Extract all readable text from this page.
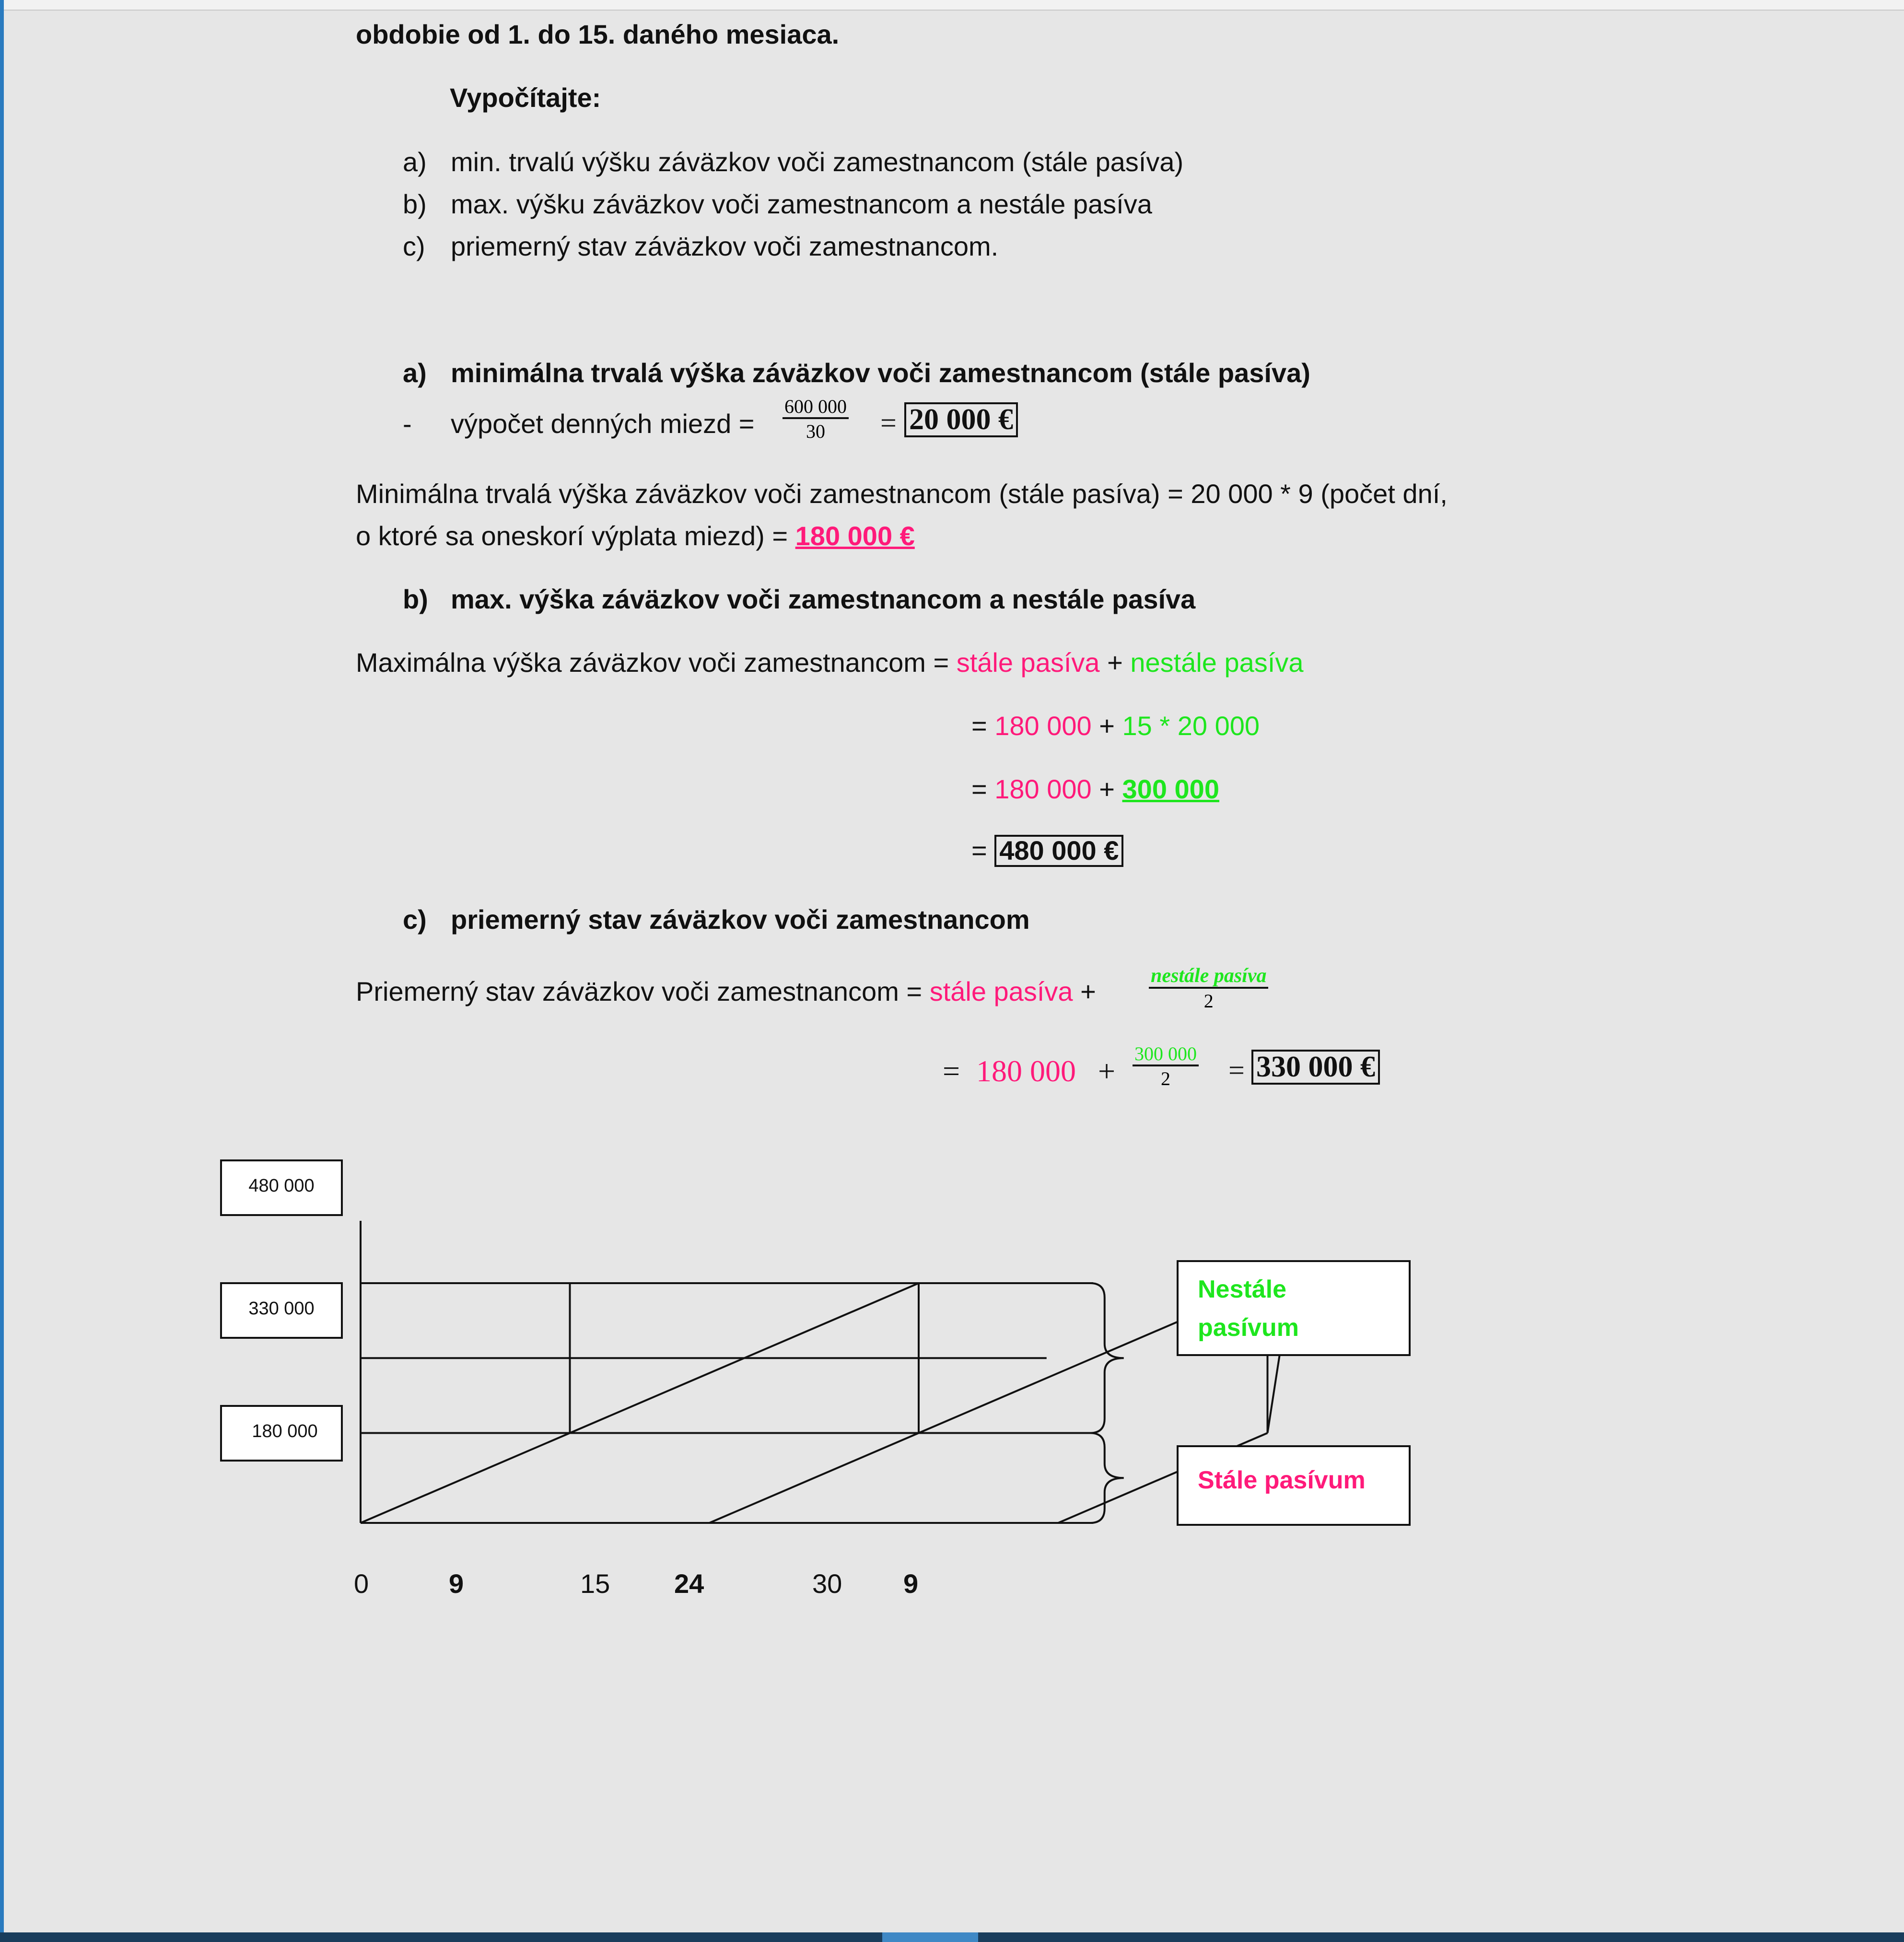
obdobie od 1. do 15. daného mesiaca.
Vypočítajte:
a) min. trvalú výšku záväzkov voči zamestnancom (stále pasíva)
b) max. výšku záväzkov voči zamestnancom a nestále pasíva
c) priemerný stav záväzkov voči zamestnancom.
a) minimálna trvalá výška záväzkov voči zamestnancom (stále pasíva)
- výpočet denných miezd = $\frac{600 000}{30} = 20$ 000 €
Minimálna trvalá výška záväzkov voči zamestnancom (stále pasíva) = 20 000 * 9 (počet dní,
o ktoré sa oneskorí výplata miezd) = 180 000 €
b) max. výška záväzkov voči zamestnancom a nestále pasíva
Maximálna výška záväzkov voči zamestnancom = stále pasíva + nestále pasíva
= 180 000 + 15 * 20 000
= 180 000 + 300 000
= 480 000 €
c) priemerný stav záväzkov voči zamestnancom
Priemerný stav záväzkov voči zamestnancom = stále pasíva +
nestále pasíva
2
= 180 $000 + \frac{300 000}{2} = 330$ 000 €
480 000
330 000
180 000
0	9	15 24	30 9
Nestále
pasívum
Stále pasívum
